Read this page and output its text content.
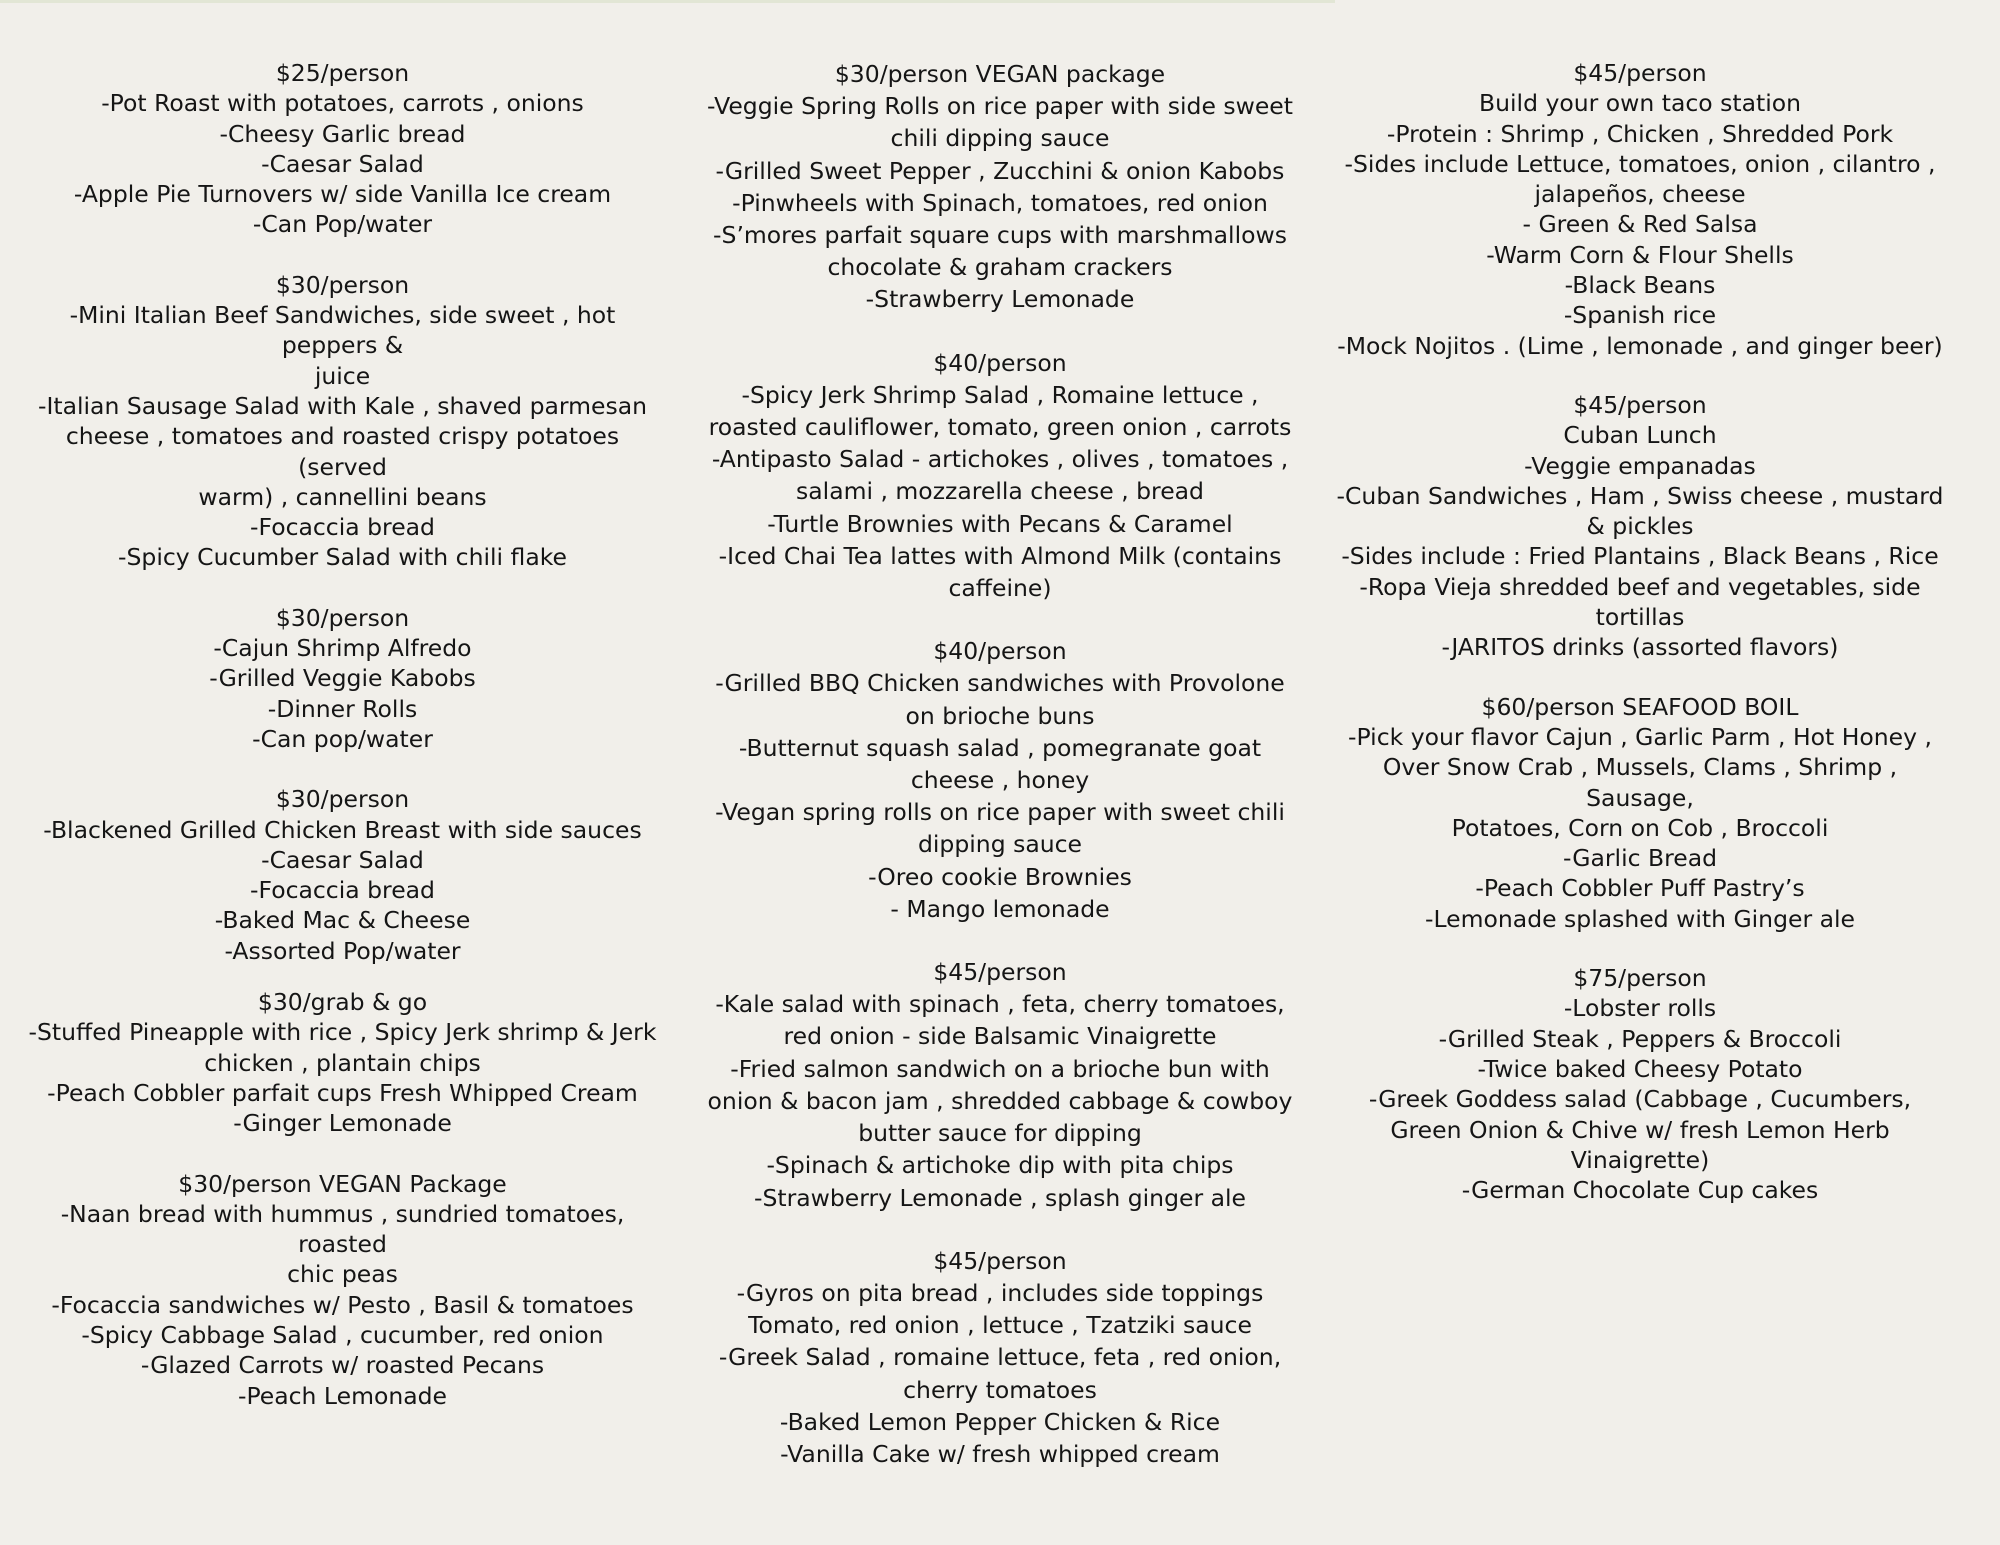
$25/person
-Pot Roast with potatoes, carrots , onions
-Cheesy Garlic bread
-Caesar Salad
-Apple Pie Turnovers w/ side Vanilla Ice cream
-Can Pop/water
$30/person
-Mini Italian Beef Sandwiches, side sweet , hot peppers &
juice
-Italian Sausage Salad with Kale , shaved parmesan
cheese , tomatoes and roasted crispy potatoes (served
warm) , cannellini beans
-Focaccia bread
-Spicy Cucumber Salad with chili flake
$30/person
-Cajun Shrimp Alfredo
-Grilled Veggie Kabobs
-Dinner Rolls
-Can pop/water
$30/person
-Blackened Grilled Chicken Breast with side sauces
-Caesar Salad
-Focaccia bread
-Baked Mac & Cheese
-Assorted Pop/water
$30/grab & go
-Stuffed Pineapple with rice , Spicy Jerk shrimp & Jerk
chicken , plantain chips
-Peach Cobbler parfait cups Fresh Whipped Cream
-Ginger Lemonade
$30/person VEGAN Package
-Naan bread with hummus , sundried tomatoes, roasted
chic peas
-Focaccia sandwiches w/ Pesto , Basil & tomatoes
-Spicy Cabbage Salad , cucumber, red onion
-Glazed Carrots w/ roasted Pecans
-Peach Lemonade
$30/person VEGAN package
-Veggie Spring Rolls on rice paper with side sweet
chili dipping sauce
-Grilled Sweet Pepper , Zucchini & onion Kabobs
-Pinwheels with Spinach, tomatoes, red onion
-S’mores parfait square cups with marshmallows
chocolate & graham crackers
-Strawberry Lemonade
$40/person
-Spicy Jerk Shrimp Salad , Romaine lettuce ,
roasted cauliflower, tomato, green onion , carrots
-Antipasto Salad - artichokes , olives , tomatoes ,
salami , mozzarella cheese , bread
-Turtle Brownies with Pecans & Caramel
-Iced Chai Tea lattes with Almond Milk (contains
caffeine)
$40/person
-Grilled BBQ Chicken sandwiches with Provolone
on brioche buns
-Butternut squash salad , pomegranate goat
cheese , honey
-Vegan spring rolls on rice paper with sweet chili
dipping sauce
-Oreo cookie Brownies
- Mango lemonade
$45/person
-Kale salad with spinach , feta, cherry tomatoes,
red onion - side Balsamic Vinaigrette
-Fried salmon sandwich on a brioche bun with
onion & bacon jam , shredded cabbage & cowboy
butter sauce for dipping
-Spinach & artichoke dip with pita chips
-Strawberry Lemonade , splash ginger ale
$45/person
-Gyros on pita bread , includes side toppings
Tomato, red onion , lettuce , Tzatziki sauce
-Greek Salad , romaine lettuce, feta , red onion,
cherry tomatoes
-Baked Lemon Pepper Chicken & Rice
-Vanilla Cake w/ fresh whipped cream
$45/person
Build your own taco station
-Protein : Shrimp , Chicken , Shredded Pork
-Sides include Lettuce, tomatoes, onion , cilantro ,
jalapeños, cheese
- Green & Red Salsa
-Warm Corn & Flour Shells
-Black Beans
-Spanish rice
-Mock Nojitos . (Lime , lemonade , and ginger beer)
$45/person
Cuban Lunch
-Veggie empanadas
-Cuban Sandwiches , Ham , Swiss cheese , mustard
& pickles
-Sides include : Fried Plantains , Black Beans , Rice
-Ropa Vieja shredded beef and vegetables, side
tortillas
-JARITOS drinks (assorted flavors)
$60/person SEAFOOD BOIL
-Pick your flavor Cajun , Garlic Parm , Hot Honey ,
Over Snow Crab , Mussels, Clams , Shrimp , Sausage,
Potatoes, Corn on Cob , Broccoli
-Garlic Bread
-Peach Cobbler Puff Pastry’s
-Lemonade splashed with Ginger ale
$75/person
-Lobster rolls
-Grilled Steak , Peppers & Broccoli
-Twice baked Cheesy Potato
-Greek Goddess salad (Cabbage , Cucumbers,
Green Onion & Chive w/ fresh Lemon Herb
Vinaigrette)
-German Chocolate Cup cakes
